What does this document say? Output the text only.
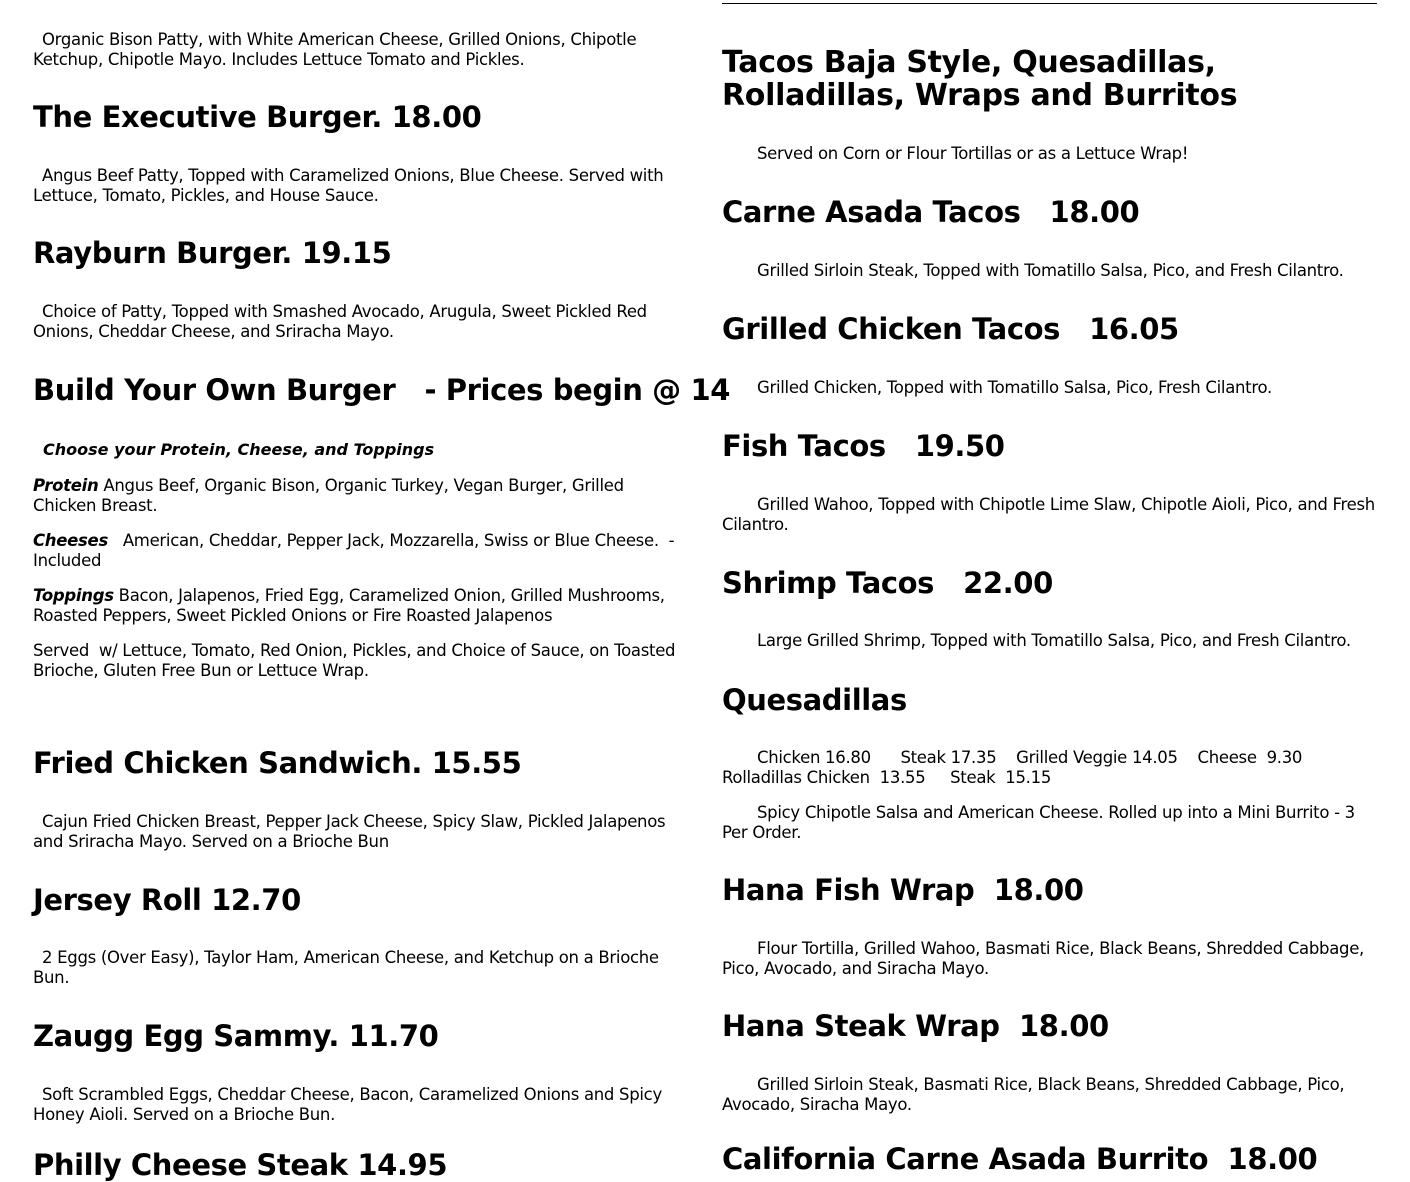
Organic Bison Patty, with White American Cheese, Grilled Onions, Chipotle Ketchup, Chipotle Mayo. Includes Lettuce Tomato and Pickles.

The Executive Burger. 18.00

Angus Beef Patty, Topped with Caramelized Onions, Blue Cheese. Served with Lettuce, Tomato, Pickles, and House Sauce.

Rayburn Burger. 19.15

Choice of Patty, Topped with Smashed Avocado, Arugula, Sweet Pickled Red Onions, Cheddar Cheese, and Sriracha Mayo.

Build Your Own Burger   - Prices begin @ 14

Choose your Protein, Cheese, and Toppings

Protein Angus Beef, Organic Bison, Organic Turkey, Vegan Burger, Grilled Chicken Breast.

Cheeses   American, Cheddar, Pepper Jack, Mozzarella, Swiss or Blue Cheese.  - Included

Toppings Bacon, Jalapenos, Fried Egg, Caramelized Onion, Grilled Mushrooms, Roasted Peppers, Sweet Pickled Onions or Fire Roasted Jalapenos

Served  w/ Lettuce, Tomato, Red Onion, Pickles, and Choice of Sauce, on Toasted Brioche, Gluten Free Bun or Lettuce Wrap.

Fried Chicken Sandwich. 15.55

Cajun Fried Chicken Breast, Pepper Jack Cheese, Spicy Slaw, Pickled Jalapenos and Sriracha Mayo. Served on a Brioche Bun

Jersey Roll 12.70

2 Eggs (Over Easy), Taylor Ham, American Cheese, and Ketchup on a Brioche Bun.

Zaugg Egg Sammy. 11.70

Soft Scrambled Eggs, Cheddar Cheese, Bacon, Caramelized Onions and Spicy Honey Aioli. Served on a Brioche Bun.

Philly Cheese Steak 14.95
Tacos Baja Style, Quesadillas, Rolladillas, Wraps and Burritos

Served on Corn or Flour Tortillas or as a Lettuce Wrap!

Carne Asada Tacos   18.00

Grilled Sirloin Steak, Topped with Tomatillo Salsa, Pico, and Fresh Cilantro.

Grilled Chicken Tacos   16.05

Grilled Chicken, Topped with Tomatillo Salsa, Pico, Fresh Cilantro.

Fish Tacos   19.50

Grilled Wahoo, Topped with Chipotle Lime Slaw, Chipotle Aioli, Pico, and Fresh Cilantro.

Shrimp Tacos   22.00

Large Grilled Shrimp, Topped with Tomatillo Salsa, Pico, and Fresh Cilantro.

Quesadillas

Chicken 16.80      Steak 17.35    Grilled Veggie 14.05    Cheese  9.30 Rolladillas Chicken  13.55     Steak  15.15

Spicy Chipotle Salsa and American Cheese. Rolled up into a Mini Burrito - 3 Per Order.

Hana Fish Wrap  18.00

Flour Tortilla, Grilled Wahoo, Basmati Rice, Black Beans, Shredded Cabbage, Pico, Avocado, and Siracha Mayo.

Hana Steak Wrap  18.00

Grilled Sirloin Steak, Basmati Rice, Black Beans, Shredded Cabbage, Pico, Avocado, Siracha Mayo.

California Carne Asada Burrito  18.00
